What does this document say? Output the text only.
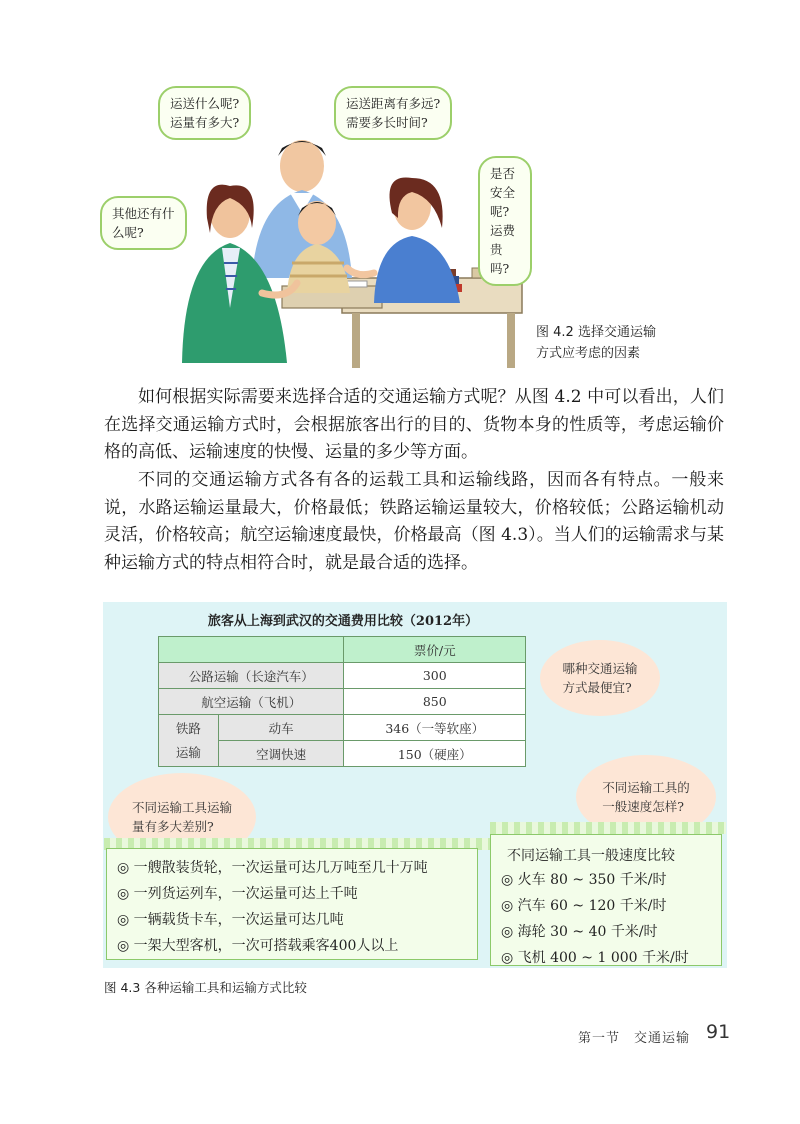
运送什么呢?
运量有多大?
运送距离有多远?
需要多长时间?
是否安全呢?
运费贵吗?
其他还有什
么呢?
图 4.2 选择交通运输
方式应考虑的因素

如何根据实际需要来选择合适的交通运输方式呢？从图 4.2 中可以看出，人们在选择交通运输方式时，会根据旅客出行的目的、货物本身的性质等，考虑运输价格的高低、运输速度的快慢、运量的多少等方面。

不同的交通运输方式各有各的运载工具和运输线路，因而各有特点。一般来说，水路运输运量最大，价格最低；铁路运输运量较大，价格较低；公路运输机动灵活，价格较高；航空运输速度最快，价格最高（图 4.3）。当人们的运输需求与某种运输方式的特点相符合时，就是最合适的选择。

旅客从上海到武汉的交通费用比较（2012年）
		票价/元
公路运输（长途汽车）		300
航空运输（飞机）		850
铁路
运输	动车	346（一等软座）
	空调快速	150（硬座）
哪种交通运输
方式最便宜?
不同运输工具的
一般速度怎样?
不同运输工具运输
量有多大差别?
◎ 一艘散装货轮，一次运量可达几万吨至几十万吨
◎ 一列货运列车，一次运量可达上千吨
◎ 一辆载货卡车，一次运量可达几吨
◎ 一架大型客机，一次可搭载乘客400人以上
不同运输工具一般速度比较
◎ 火车 80 ~ 350 千米/时
◎ 汽车 60 ~ 120 千米/时
◎ 海轮 30 ~ 40 千米/时
◎ 飞机 400 ~ 1 000 千米/时
图 4.3 各种运输工具和运输方式比较
第一节　交通运输 91
